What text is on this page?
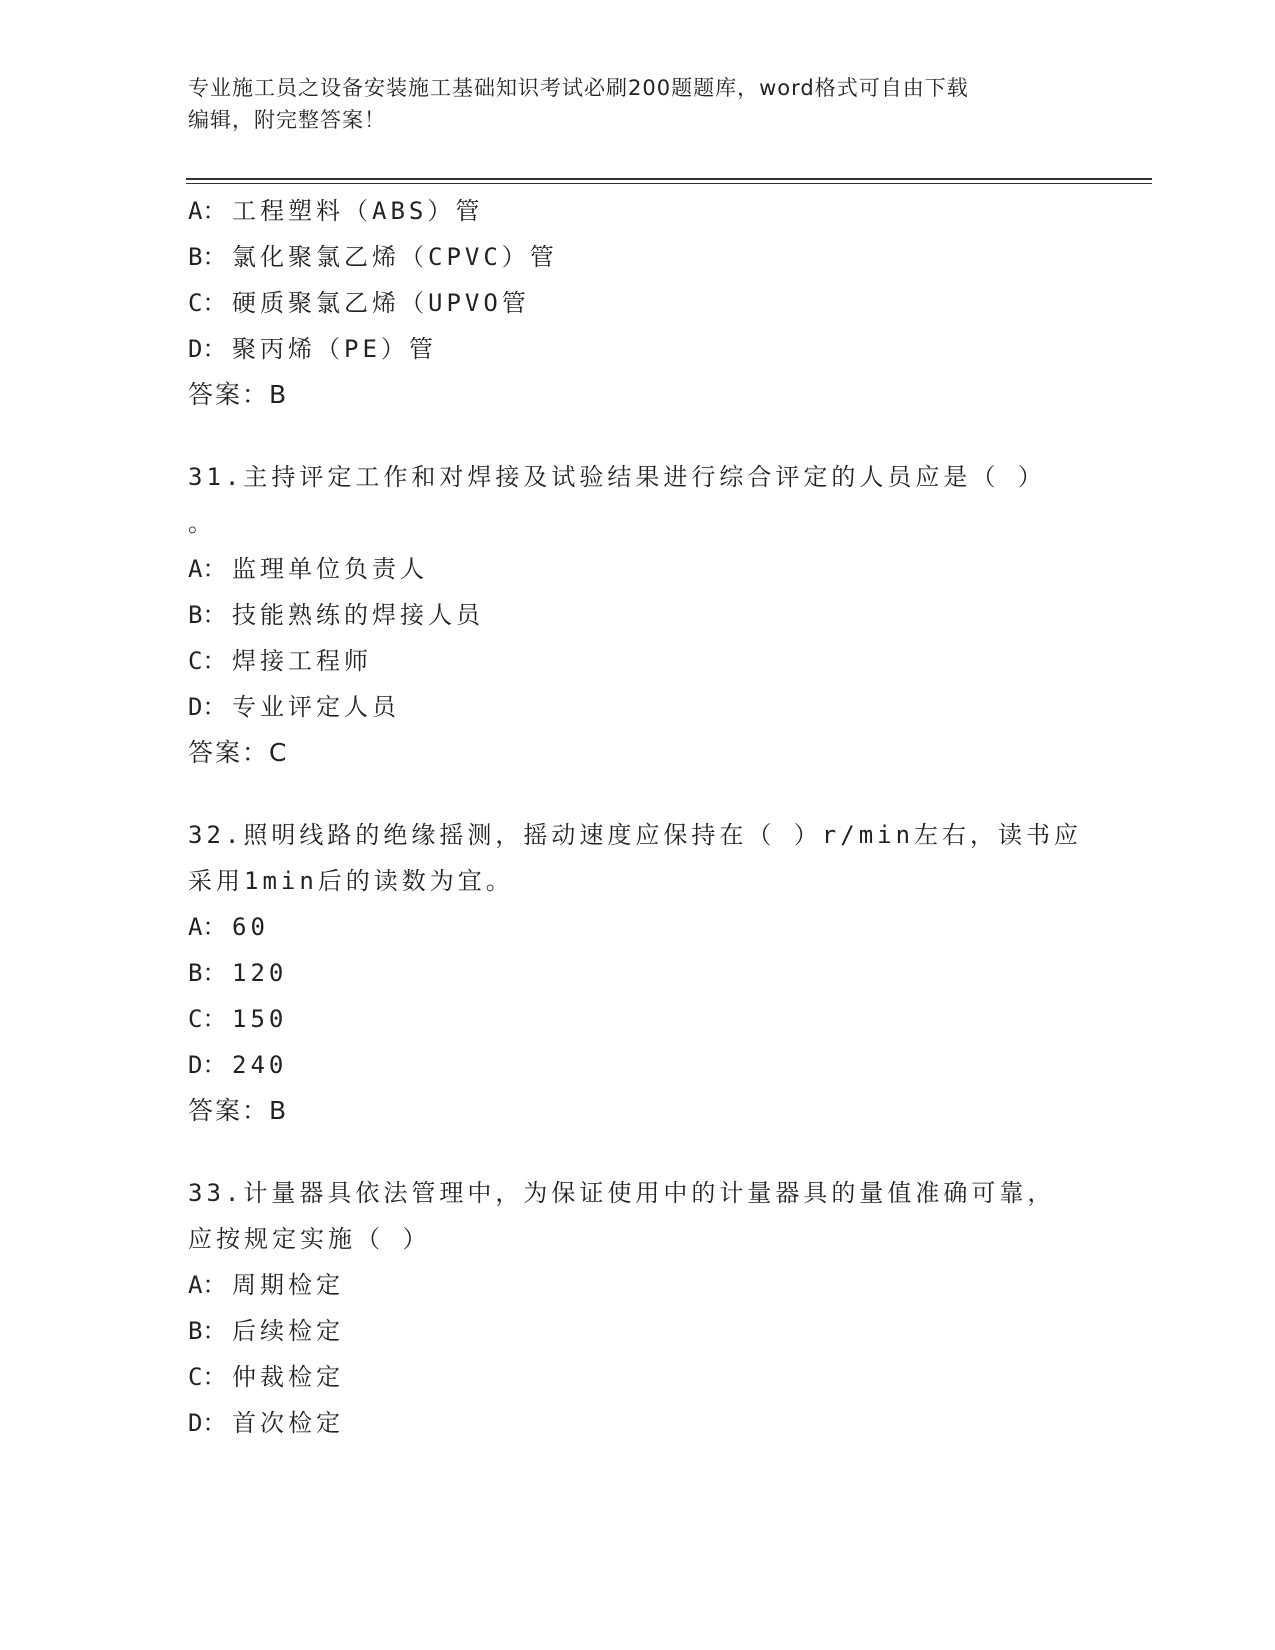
专业施工员之设备安装施工基础知识考试必刷200题题库，word格式可自由下载
编辑，附完整答案！
A： 工程塑料（ABS）管
B： 氯化聚氯乙烯（CPVC）管
C： 硬质聚氯乙烯（UPVO管
D： 聚丙烯（PE）管
答案：B
31.主持评定工作和对焊接及试验结果进行综合评定的人员应是（ ）
。
A： 监理单位负责人
B： 技能熟练的焊接人员
C： 焊接工程师
D： 专业评定人员
答案：C
32.照明线路的绝缘摇测，摇动速度应保持在（ ）r/min左右，读书应
采用1min后的读数为宜。
A： 60
B： 120
C： 150
D： 240
答案：B
33.计量器具依法管理中，为保证使用中的计量器具的量值准确可靠，
应按规定实施（ ）
A： 周期检定
B： 后续检定
C： 仲裁检定
D： 首次检定
